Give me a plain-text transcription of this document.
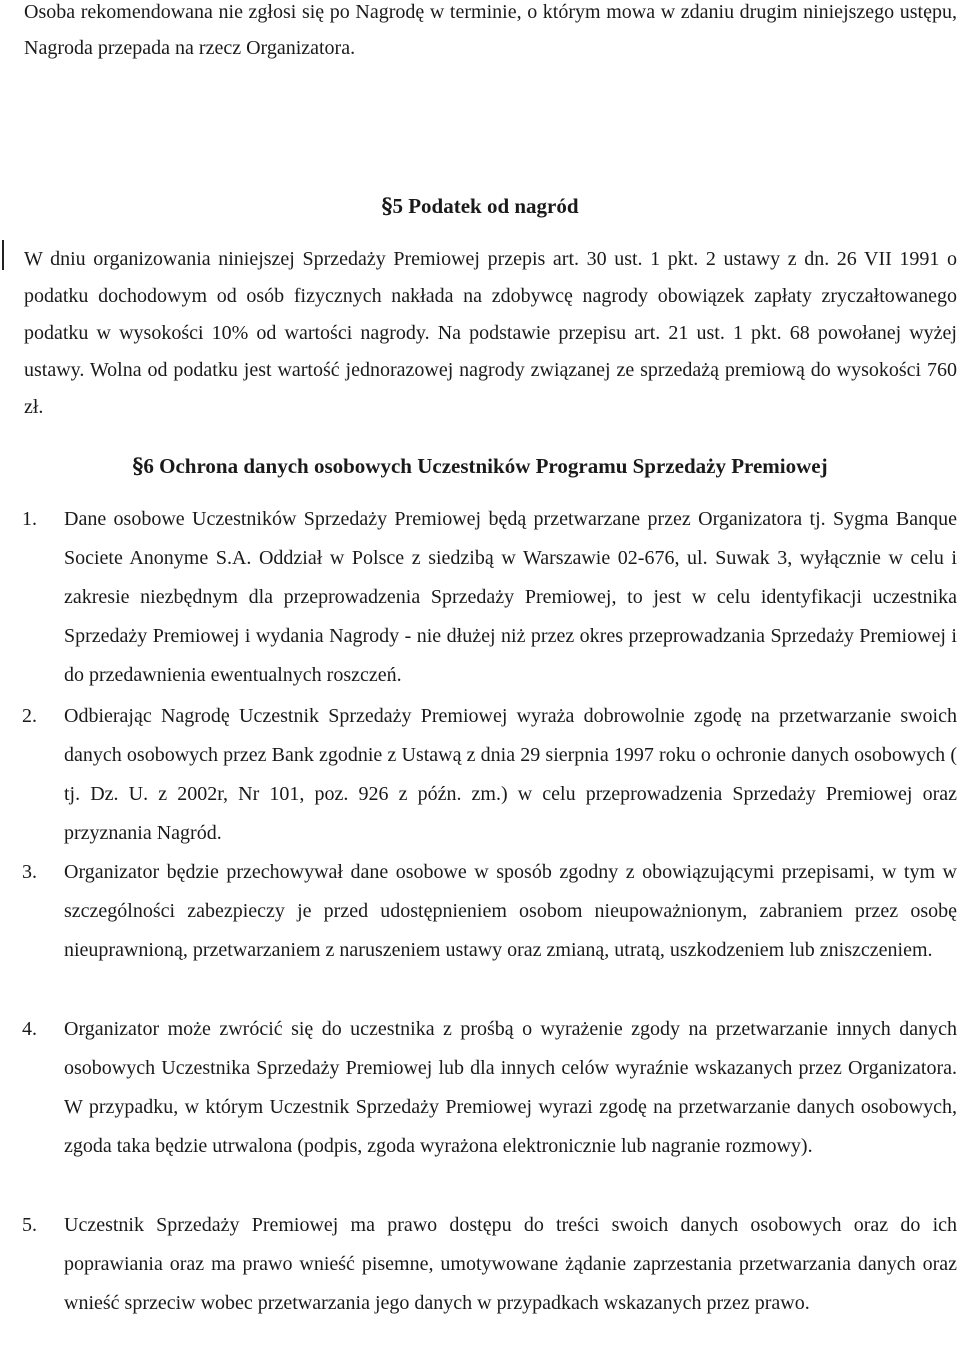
Osoba rekomendowana nie zgłosi się po Nagrodę w terminie, o którym mowa w zdaniu drugim niniejszego ustępu, Nagroda przepada na rzecz Organizatora.

§5 Podatek od nagród

W dniu organizowania niniejszej Sprzedaży Premiowej przepis art. 30 ust. 1 pkt. 2 ustawy z dn. 26 VII 1991 o podatku dochodowym od osób fizycznych nakłada na zdobywcę nagrody obowiązek zapłaty zryczałtowanego podatku w wysokości 10% od wartości nagrody. Na podstawie przepisu art. 21 ust. 1 pkt. 68 powołanej wyżej ustawy. Wolna od podatku jest wartość jednorazowej nagrody związanej ze sprzedażą premiową do wysokości 760 zł.

§6 Ochrona danych osobowych Uczestników Programu Sprzedaży Premiowej
1. Dane osobowe Uczestników Sprzedaży Premiowej będą przetwarzane przez Organizatora tj. Sygma Banque Societe Anonyme S.A. Oddział w Polsce z siedzibą w Warszawie 02-676, ul. Suwak 3, wyłącznie w celu i zakresie niezbędnym dla przeprowadzenia Sprzedaży Premiowej, to jest w celu identyfikacji uczestnika Sprzedaży Premiowej i wydania Nagrody - nie dłużej niż przez okres przeprowadzania Sprzedaży Premiowej i do przedawnienia ewentualnych roszczeń.
2. Odbierając Nagrodę Uczestnik Sprzedaży Premiowej wyraża dobrowolnie zgodę na przetwarzanie swoich danych osobowych przez Bank zgodnie z Ustawą z dnia 29 sierpnia 1997 roku o ochronie danych osobowych ( tj. Dz. U. z 2002r, Nr 101, poz. 926 z późn. zm.) w celu przeprowadzenia Sprzedaży Premiowej oraz przyznania Nagród.
3. Organizator będzie przechowywał dane osobowe w sposób zgodny z obowiązującymi przepisami, w tym w szczególności zabezpieczy je przed udostępnieniem osobom nieupoważnionym, zabraniem przez osobę nieuprawnioną, przetwarzaniem z naruszeniem ustawy oraz zmianą, utratą, uszkodzeniem lub zniszczeniem.
4. Organizator może zwrócić się do uczestnika z prośbą o wyrażenie zgody na przetwarzanie innych danych osobowych Uczestnika Sprzedaży Premiowej lub dla innych celów wyraźnie wskazanych przez Organizatora. W przypadku, w którym Uczestnik Sprzedaży Premiowej wyrazi zgodę na przetwarzanie danych osobowych, zgoda taka będzie utrwalona (podpis, zgoda wyrażona elektronicznie lub nagranie rozmowy).
5. Uczestnik Sprzedaży Premiowej ma prawo dostępu do treści swoich danych osobowych oraz do ich poprawiania oraz ma prawo wnieść pisemne, umotywowane żądanie zaprzestania przetwarzania danych oraz wnieść sprzeciw wobec przetwarzania jego danych w przypadkach wskazanych przez prawo.
